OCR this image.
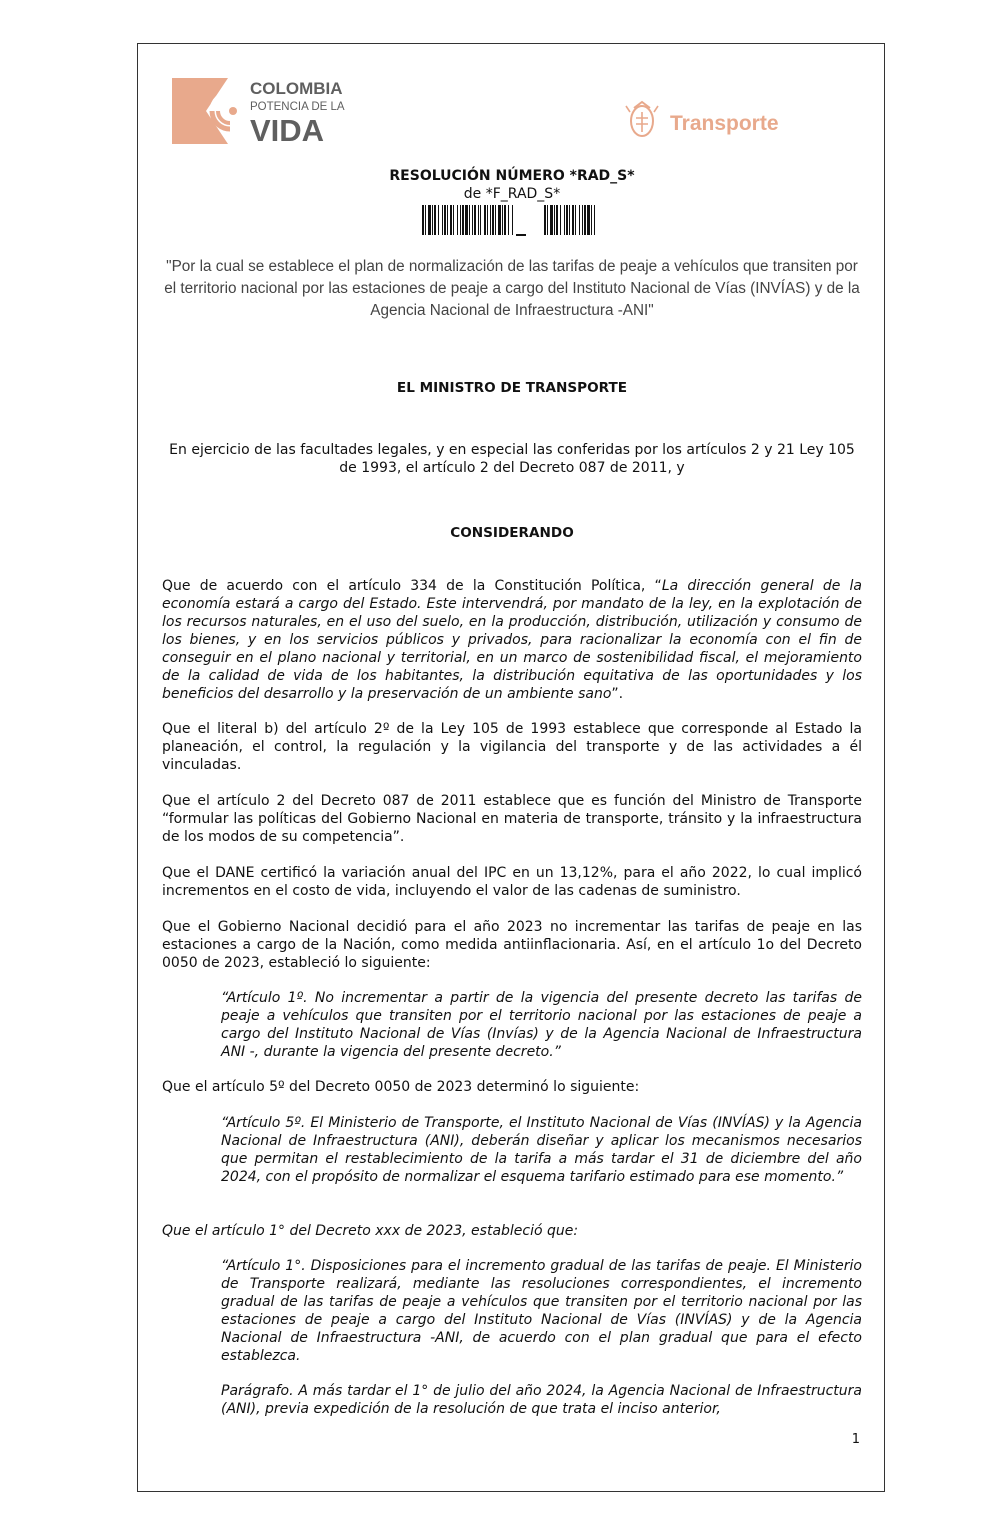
COLOMBIA
POTENCIA DE LA
VIDA	Transporte
RESOLUCIÓN NÚMERO *RAD_S*
de *F_RAD_S*
"Por la cual se establece el plan de normalización de las tarifas de peaje a vehículos que transiten por el territorio nacional por las estaciones de peaje a cargo del Instituto Nacional de Vías (INVÍAS) y de la Agencia Nacional de Infraestructura -ANI"
EL MINISTRO DE TRANSPORTE
En ejercicio de las facultades legales, y en especial las conferidas por los artículos 2 y 21 Ley 105 de 1993, el artículo 2 del Decreto 087 de 2011, y
CONSIDERANDO
Que de acuerdo con el artículo 334 de la Constitución Política, “La dirección general de la economía estará a cargo del Estado. Este intervendrá, por mandato de la ley, en la explotación de los recursos naturales, en el uso del suelo, en la producción, distribución, utilización y consumo de los bienes, y en los servicios públicos y privados, para racionalizar la economía con el fin de conseguir en el plano nacional y territorial, en un marco de sostenibilidad fiscal, el mejoramiento de la calidad de vida de los habitantes, la distribución equitativa de las oportunidades y los beneficios del desarrollo y la preservación de un ambiente sano”.
Que el literal b) del artículo 2º de la Ley 105 de 1993 establece que corresponde al Estado la planeación, el control, la regulación y la vigilancia del transporte y de las actividades a él vinculadas.
Que el artículo 2 del Decreto 087 de 2011 establece que es función del Ministro de Transporte “formular las políticas del Gobierno Nacional en materia de transporte, tránsito y la infraestructura de los modos de su competencia”.
Que el DANE certificó la variación anual del IPC en un 13,12%, para el año 2022, lo cual implicó incrementos en el costo de vida, incluyendo el valor de las cadenas de suministro.
Que el Gobierno Nacional decidió para el año 2023 no incrementar las tarifas de peaje en las estaciones a cargo de la Nación, como medida antiinflacionaria. Así, en el artículo 1o del Decreto 0050 de 2023, estableció lo siguiente:
“Artículo 1º. No incrementar a partir de la vigencia del presente decreto las tarifas de peaje a vehículos que transiten por el territorio nacional por las estaciones de peaje a cargo del Instituto Nacional de Vías (Invías) y de la Agencia Nacional de Infraestructura ANI -, durante la vigencia del presente decreto.”
Que el artículo 5º del Decreto 0050 de 2023 determinó lo siguiente:
“Artículo 5º. El Ministerio de Transporte, el Instituto Nacional de Vías (INVÍAS) y la Agencia Nacional de Infraestructura (ANI), deberán diseñar y aplicar los mecanismos necesarios que permitan el restablecimiento de la tarifa a más tardar el 31 de diciembre del año 2024, con el propósito de normalizar el esquema tarifario estimado para ese momento.”
Que el artículo 1° del Decreto xxx de 2023, estableció que:
“Artículo 1°. Disposiciones para el incremento gradual de las tarifas de peaje. El Ministerio de Transporte realizará, mediante las resoluciones correspondientes, el incremento gradual de las tarifas de peaje a vehículos que transiten por el territorio nacional por las estaciones de peaje a cargo del Instituto Nacional de Vías (INVÍAS) y de la Agencia Nacional de Infraestructura -ANI, de acuerdo con el plan gradual que para el efecto establezca.
Parágrafo. A más tardar el 1° de julio del año 2024, la Agencia Nacional de Infraestructura (ANI), previa expedición de la resolución de que trata el inciso anterior,
1
